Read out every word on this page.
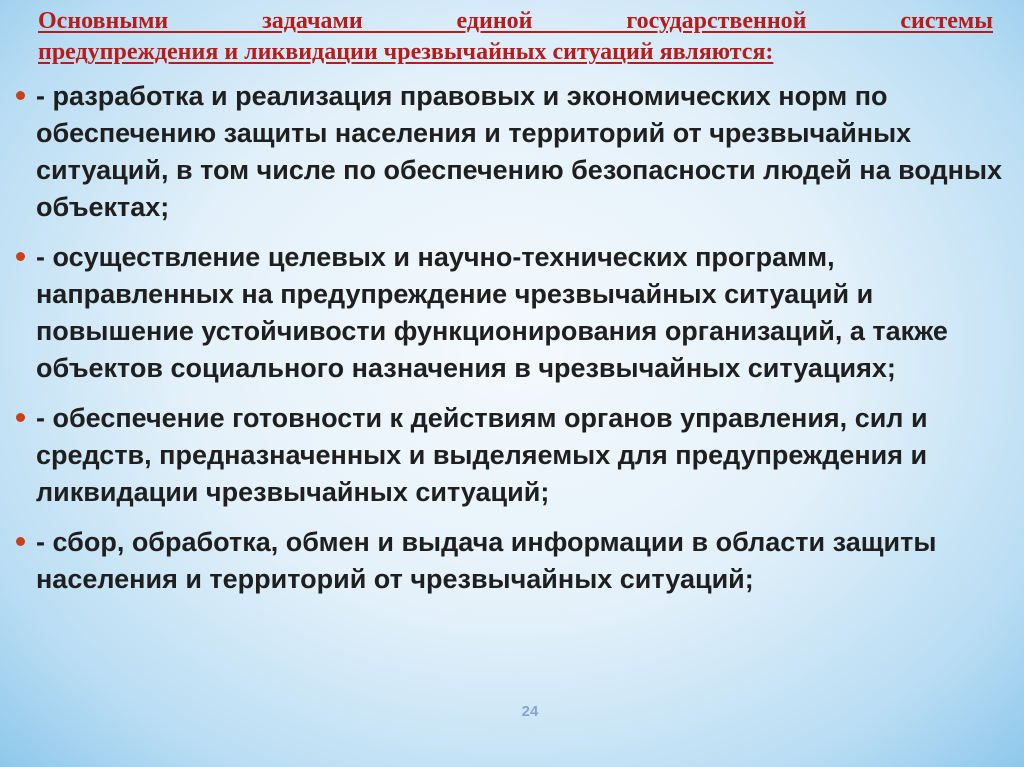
Основными задачами единой государственной системы
предупреждения и ликвидации чрезвычайных ситуаций являются:
- разработка и реализация правовых и экономических норм по обеспечению защиты населения и территорий от чрезвычайных ситуаций, в том числе по обеспечению безопасности людей на водных объектах;
- осуществление целевых и научно-технических программ, направленных на предупреждение чрезвычайных ситуаций и повышение устойчивости функционирования организаций, а также объектов социального назначения в чрезвычайных ситуациях;
- обеспечение готовности к действиям органов управления, сил и средств, предназначенных и выделяемых для предупреждения и ликвидации чрезвычайных ситуаций;
- сбор, обработка, обмен и выдача информации в области защиты населения и территорий от чрезвычайных ситуаций;
24
